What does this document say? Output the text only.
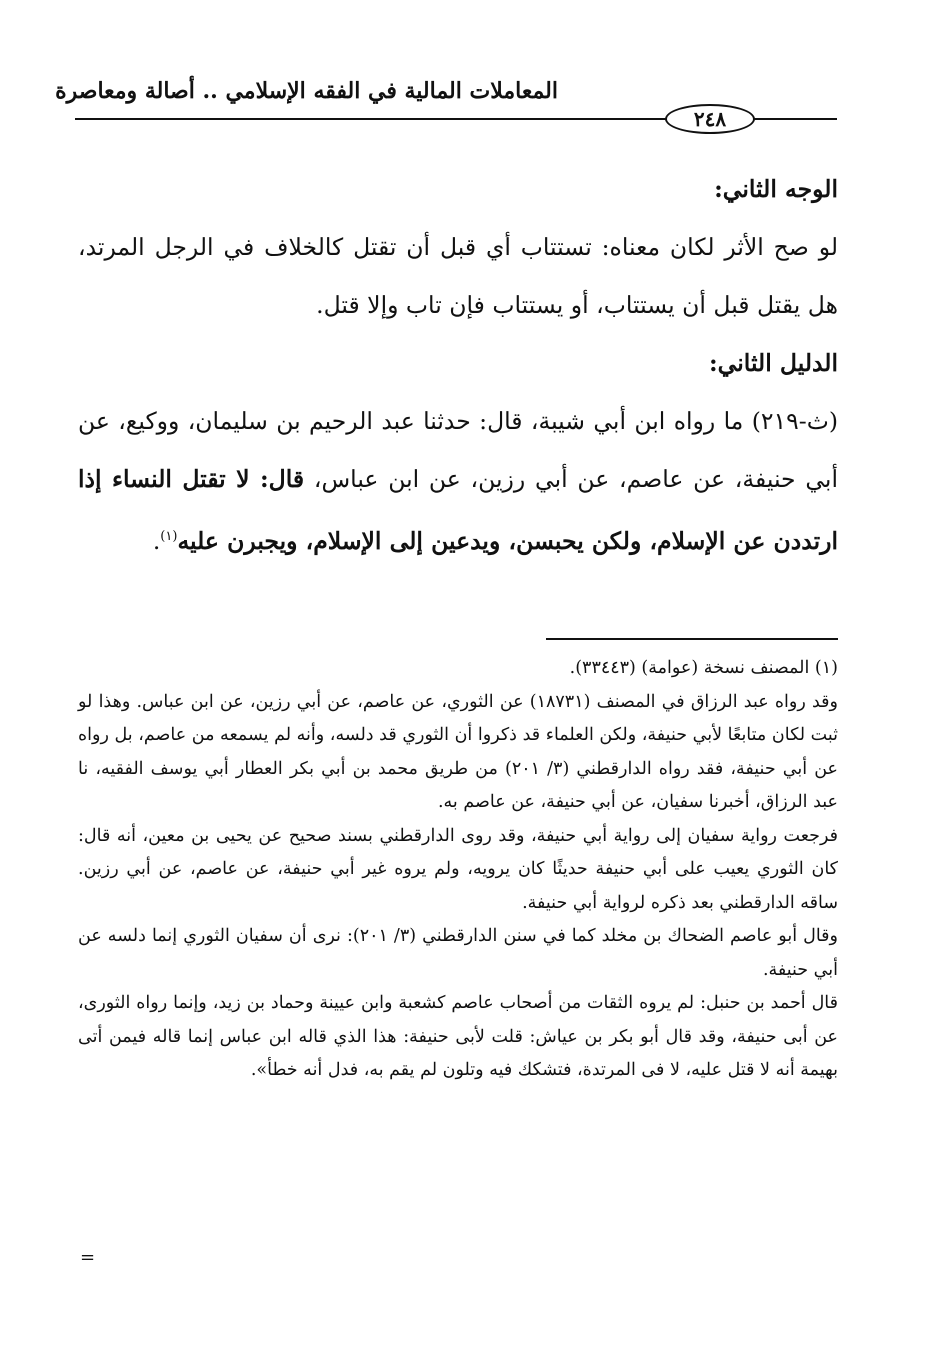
المعاملات المالية في الفقه الإسلامي .. أصالة ومعاصرة
٢٤٨

الوجه الثاني:

لو صح الأثر لكان معناه: تستتاب أي قبل أن تقتل كالخلاف في الرجل المرتد، هل يقتل قبل أن يستتاب، أو يستتاب فإن تاب وإلا قتل.

الدليل الثاني:

(ث-٢١٩) ما رواه ابن أبي شيبة، قال: حدثنا عبد الرحيم بن سليمان، ووكيع، عن أبي حنيفة، عن عاصم، عن أبي رزين، عن ابن عباس، قال: لا تقتل النساء إذا ارتددن عن الإسلام، ولكن يحبسن، ويدعين إلى الإسلام، ويجبرن عليه$^{(١)}$.

(١) المصنف نسخة (عوامة) (٣٣٤٤٣).

وقد رواه عبد الرزاق في المصنف (١٨٧٣١) عن الثوري، عن عاصم، عن أبي رزين، عن ابن عباس. وهذا لو ثبت لكان متابعًا لأبي حنيفة، ولكن العلماء قد ذكروا أن الثوري قد دلسه، وأنه لم يسمعه من عاصم، بل رواه عن أبي حنيفة، فقد رواه الدارقطني (٣/ ٢٠١) من طريق محمد بن أبي بكر العطار أبي يوسف الفقيه، نا عبد الرزاق، أخبرنا سفيان، عن أبي حنيفة، عن عاصم به.

فرجعت رواية سفيان إلى رواية أبي حنيفة، وقد روى الدارقطني بسند صحيح عن يحيى بن معين، أنه قال: كان الثوري يعيب على أبي حنيفة حديثًا كان يرويه، ولم يروه غير أبي حنيفة، عن عاصم، عن أبي رزين. ساقه الدارقطني بعد ذكره لرواية أبي حنيفة.

وقال أبو عاصم الضحاك بن مخلد كما في سنن الدارقطني (٣/ ٢٠١): نرى أن سفيان الثوري إنما دلسه عن أبي حنيفة.

قال أحمد بن حنبل: لم يروه الثقات من أصحاب عاصم كشعبة وابن عيينة وحماد بن زيد، وإنما رواه الثورى، عن أبى حنيفة، وقد قال أبو بكر بن عياش: قلت لأبى حنيفة: هذا الذي قاله ابن عباس إنما قاله فيمن أتى بهيمة أنه لا قتل عليه، لا فى المرتدة، فتشكك فيه وتلون لم يقم به، فدل أنه خطأ».

=
